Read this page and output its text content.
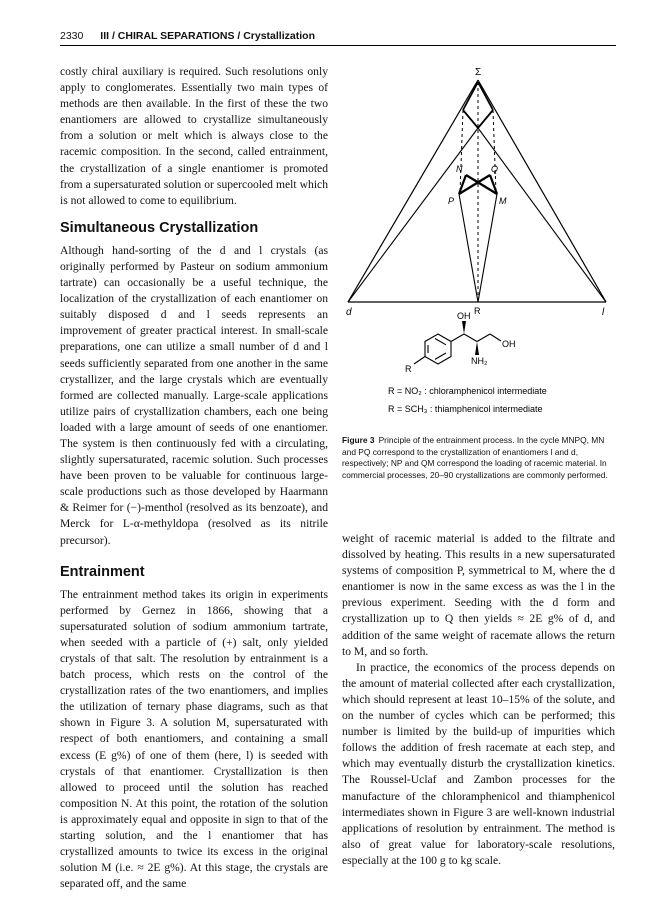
2330 III / CHIRAL SEPARATIONS / Crystallization

costly chiral auxiliary is required. Such resolutions only apply to conglomerates. Essentially two main types of methods are then available. In the first of these the two enantiomers are allowed to crystallize simultaneously from a solution or melt which is always close to the racemic composition. In the second, called entrainment, the crystallization of a single enantiomer is promoted from a supersaturated solution or supercooled melt which is not allowed to come to equilibrium.

Simultaneous Crystallization

Although hand-sorting of the d and l crystals (as originally performed by Pasteur on sodium ammonium tartrate) can occasionally be a useful technique, the localization of the crystallization of each enantiomer on suitably disposed d and l seeds represents an improvement of greater practical interest. In small-scale preparations, one can utilize a small number of d and l seeds sufficiently separated from one another in the same crystallizer, and the large crystals which are eventually formed are collected manually. Large-scale applications utilize pairs of crystallization chambers, each one being loaded with a large amount of seeds of one enantiomer. The system is then continuously fed with a circulating, slightly supersaturated, racemic solution. Such processes have been proven to be valuable for continuous large-scale productions such as those developed by Haarmann & Reimer for (−)-menthol (resolved as its benzoate), and Merck for L-α-methyldopa (resolved as its nitrile precursor).

Entrainment

The entrainment method takes its origin in experiments performed by Gernez in 1866, showing that a supersaturated solution of sodium ammonium tartrate, when seeded with a particle of (+) salt, only yielded crystals of that salt. The resolution by entrainment is a batch process, which rests on the control of the crystallization rates of the two enantiomers, and implies the utilization of ternary phase diagrams, such as that shown in Figure 3. A solution M, supersaturated with respect of both enantiomers, and containing a small excess (E g%) of one of them (here, l) is seeded with crystals of that enantiomer. Crystallization is then allowed to proceed until the solution has reached composition N. At this point, the rotation of the solution is approximately equal and opposite in sign to that of the starting solution, and the l enantiomer that has crystallized amounts to twice its excess in the original solution M (i.e. ≈ 2E g%). At this stage, the crystals are separated off, and the same

Σ
d	l
R
N	Q
P	M
OH
OH
NH₂
R
R = NO₂ : chloramphenicol intermediate
R = SCH₃ : thiamphenicol intermediate
Figure 3 Principle of the entrainment process. In the cycle MNPQ, MN and PQ correspond to the crystallization of enantiomers l and d, respectively; NP and QM correspond the loading of racemic material. In commercial processes, 20–90 crystallizations are commonly performed.

weight of racemic material is added to the filtrate and dissolved by heating. This results in a new supersaturated systems of composition P, symmetrical to M, where the d enantiomer is now in the same excess as was the l in the previous experiment. Seeding with the d form and crystallization up to Q then yields ≈ 2E g% of d, and addition of the same weight of racemate allows the return to M, and so forth.

In practice, the economics of the process depends on the amount of material collected after each crystallization, which should represent at least 10–15% of the solute, and on the number of cycles which can be performed; this number is limited by the build-up of impurities which follows the addition of fresh racemate at each step, and which may eventually disturb the crystallization kinetics. The Roussel-Uclaf and Zambon processes for the manufacture of the chloramphenicol and thiamphenicol intermediates shown in Figure 3 are well-known industrial applications of resolution by entrainment. The method is also of great value for laboratory-scale resolutions, especially at the 100 g to kg scale.
